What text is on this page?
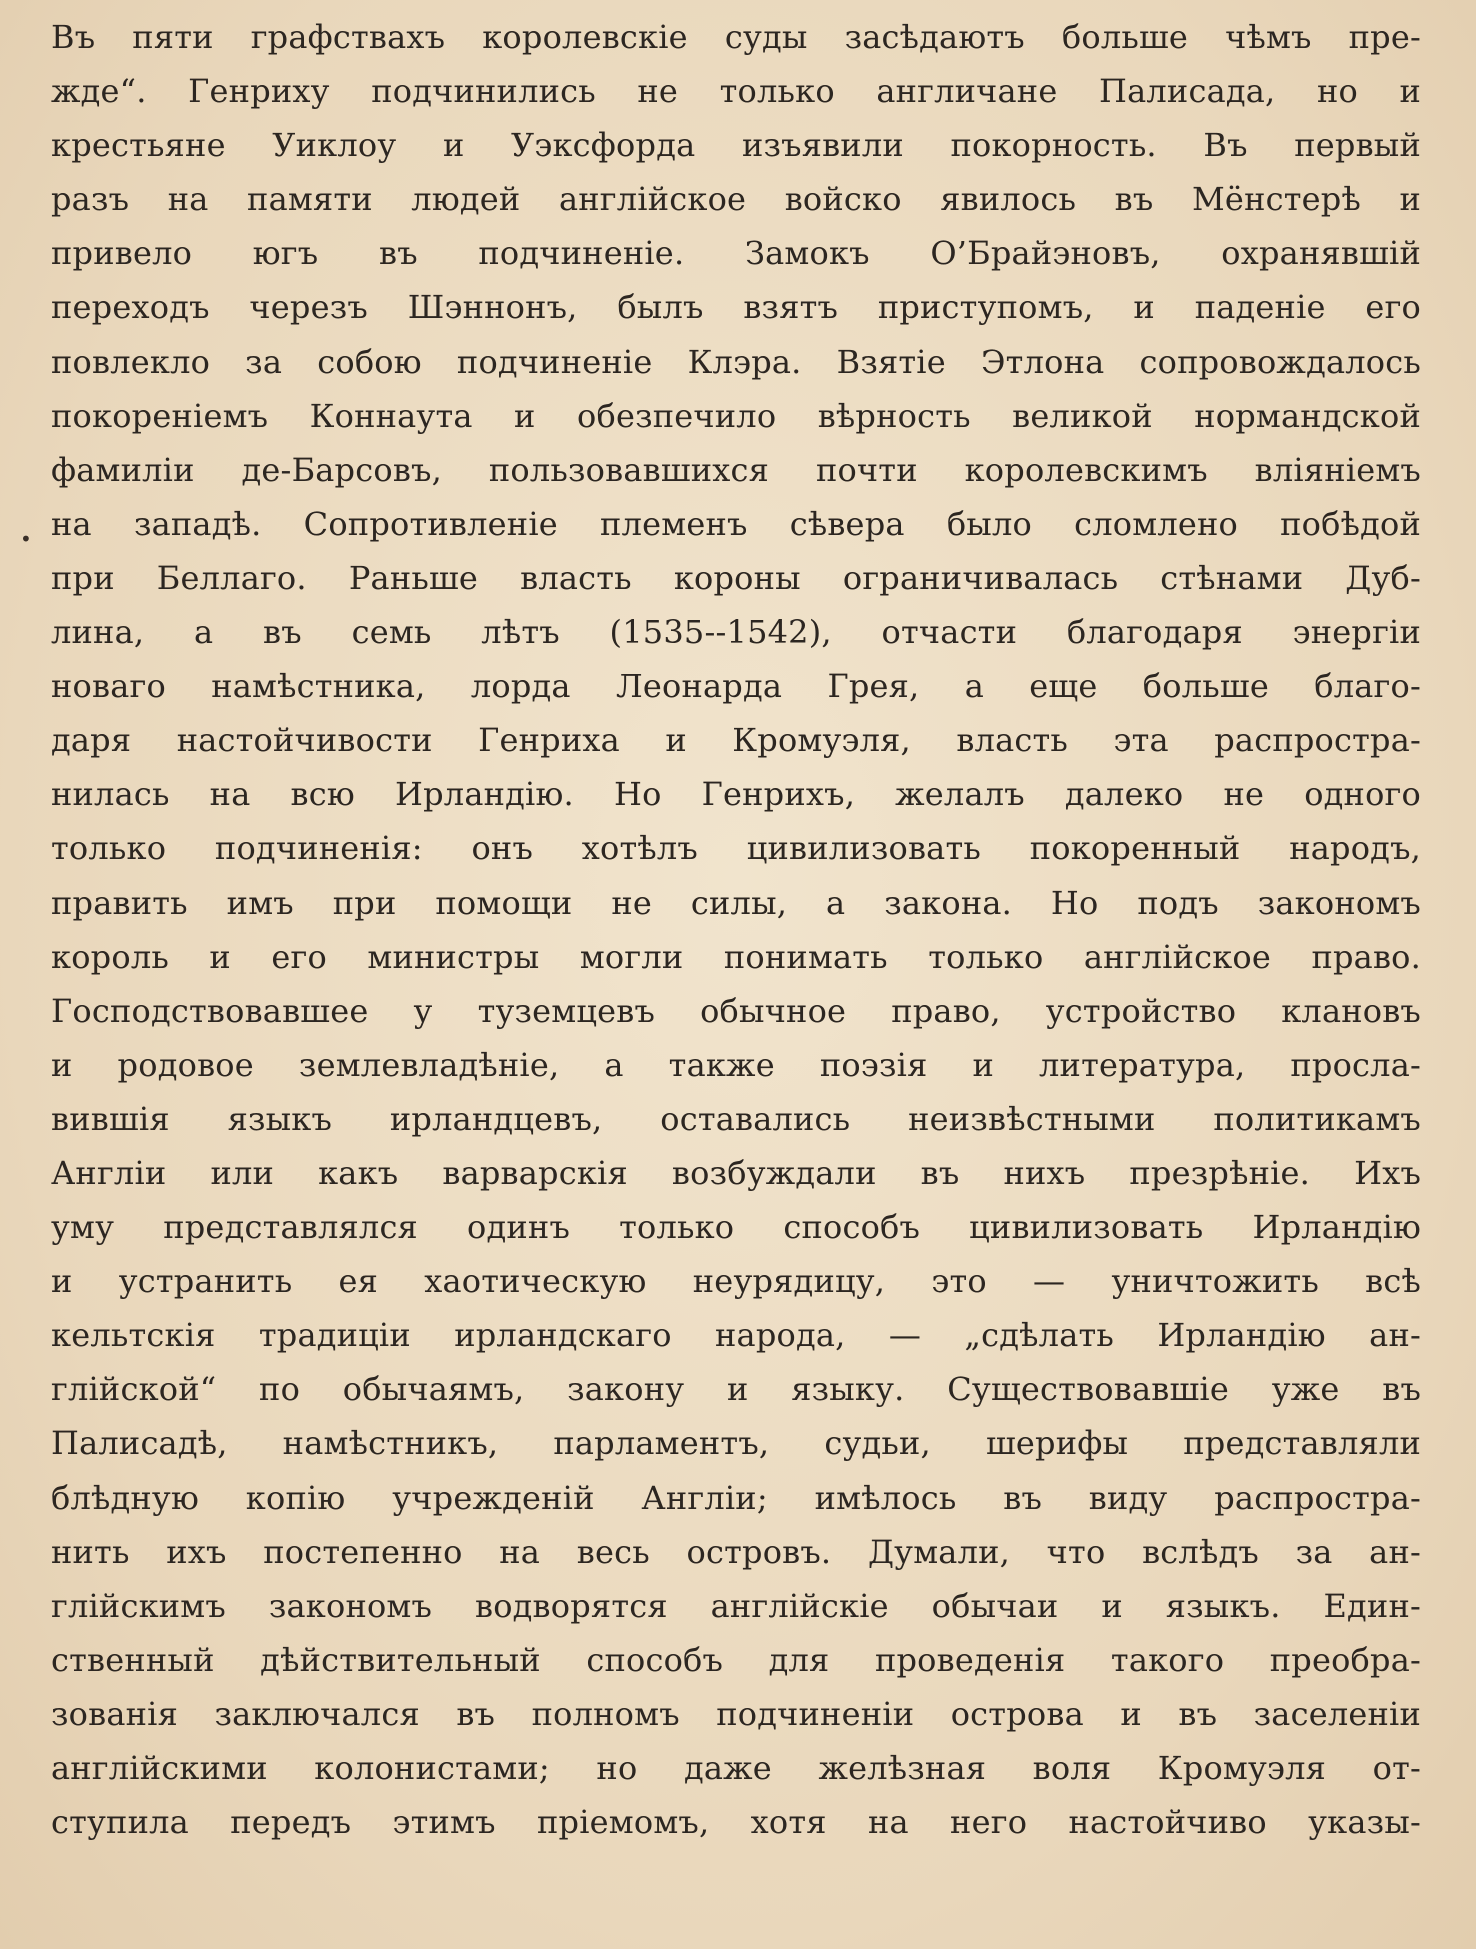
•
Въ пяти графствахъ королевскiе суды засѣдаютъ больше чѣмъ пре-
жде“. Генриху подчинились не только англичане Палисада, но и
крестьяне Уиклоу и Уэксфорда изъявили покорность. Въ первый
разъ на памяти людей англiйское войско явилось въ Мёнстерѣ и
привело югъ въ подчиненiе. Замокъ О’Брайэновъ, охранявшiй
переходъ черезъ Шэннонъ, былъ взятъ приступомъ, и паденiе его
повлекло за собою подчиненiе Клэра. Взятiе Этлона сопровождалось
покоренiемъ Коннаута и обезпечило вѣрность великой нормандской
фамилiи де-Барсовъ, пользовавшихся почти королевскимъ влiянiемъ
на западѣ. Сопротивленiе племенъ сѣвера было сломлено побѣдой
при Беллаго. Раньше власть короны ограничивалась стѣнами Дуб-
лина, а въ семь лѣтъ (1535--1542), отчасти благодаря энергiи
новаго намѣстника, лорда Леонарда Грея, а еще больше благо-
даря настойчивости Генриха и Кромуэля, власть эта распростра-
нилась на всю Ирландiю. Но Генрихъ, желалъ далеко не одного
только подчиненiя: онъ хотѣлъ цивилизовать покоренный народъ,
править имъ при помощи не силы, а закона. Но подъ закономъ
король и его министры могли понимать только англiйское право.
Господствовавшее у туземцевъ обычное право, устройство клановъ
и родовое землевладѣнiе, а также поэзiя и литература, просла-
вившiя языкъ ирландцевъ, оставались неизвѣстными политикамъ
Англiи или какъ варварскiя возбуждали въ нихъ презрѣнiе. Ихъ
уму представлялся одинъ только способъ цивилизовать Ирландiю
и устранить ея хаотическую неурядицу, это — уничтожить всѣ
кельтскiя традицiи ирландскаго народа, — „сдѣлать Ирландiю ан-
глiйской“ по обычаямъ, закону и языку. Существовавшiе уже въ
Палисадѣ, намѣстникъ, парламентъ, судьи, шерифы представляли
блѣдную копiю учрежденiй Англiи; имѣлось въ виду распростра-
нить ихъ постепенно на весь островъ. Думали, что вслѣдъ за ан-
глiйскимъ закономъ водворятся англiйскiе обычаи и языкъ. Един-
ственный дѣйствительный способъ для проведенiя такого преобра-
зованiя заключался въ полномъ подчиненiи острова и въ заселенiи
англiйскими колонистами; но даже желѣзная воля Кромуэля от-
ступила передъ этимъ прiемомъ, хотя на него настойчиво указы-
